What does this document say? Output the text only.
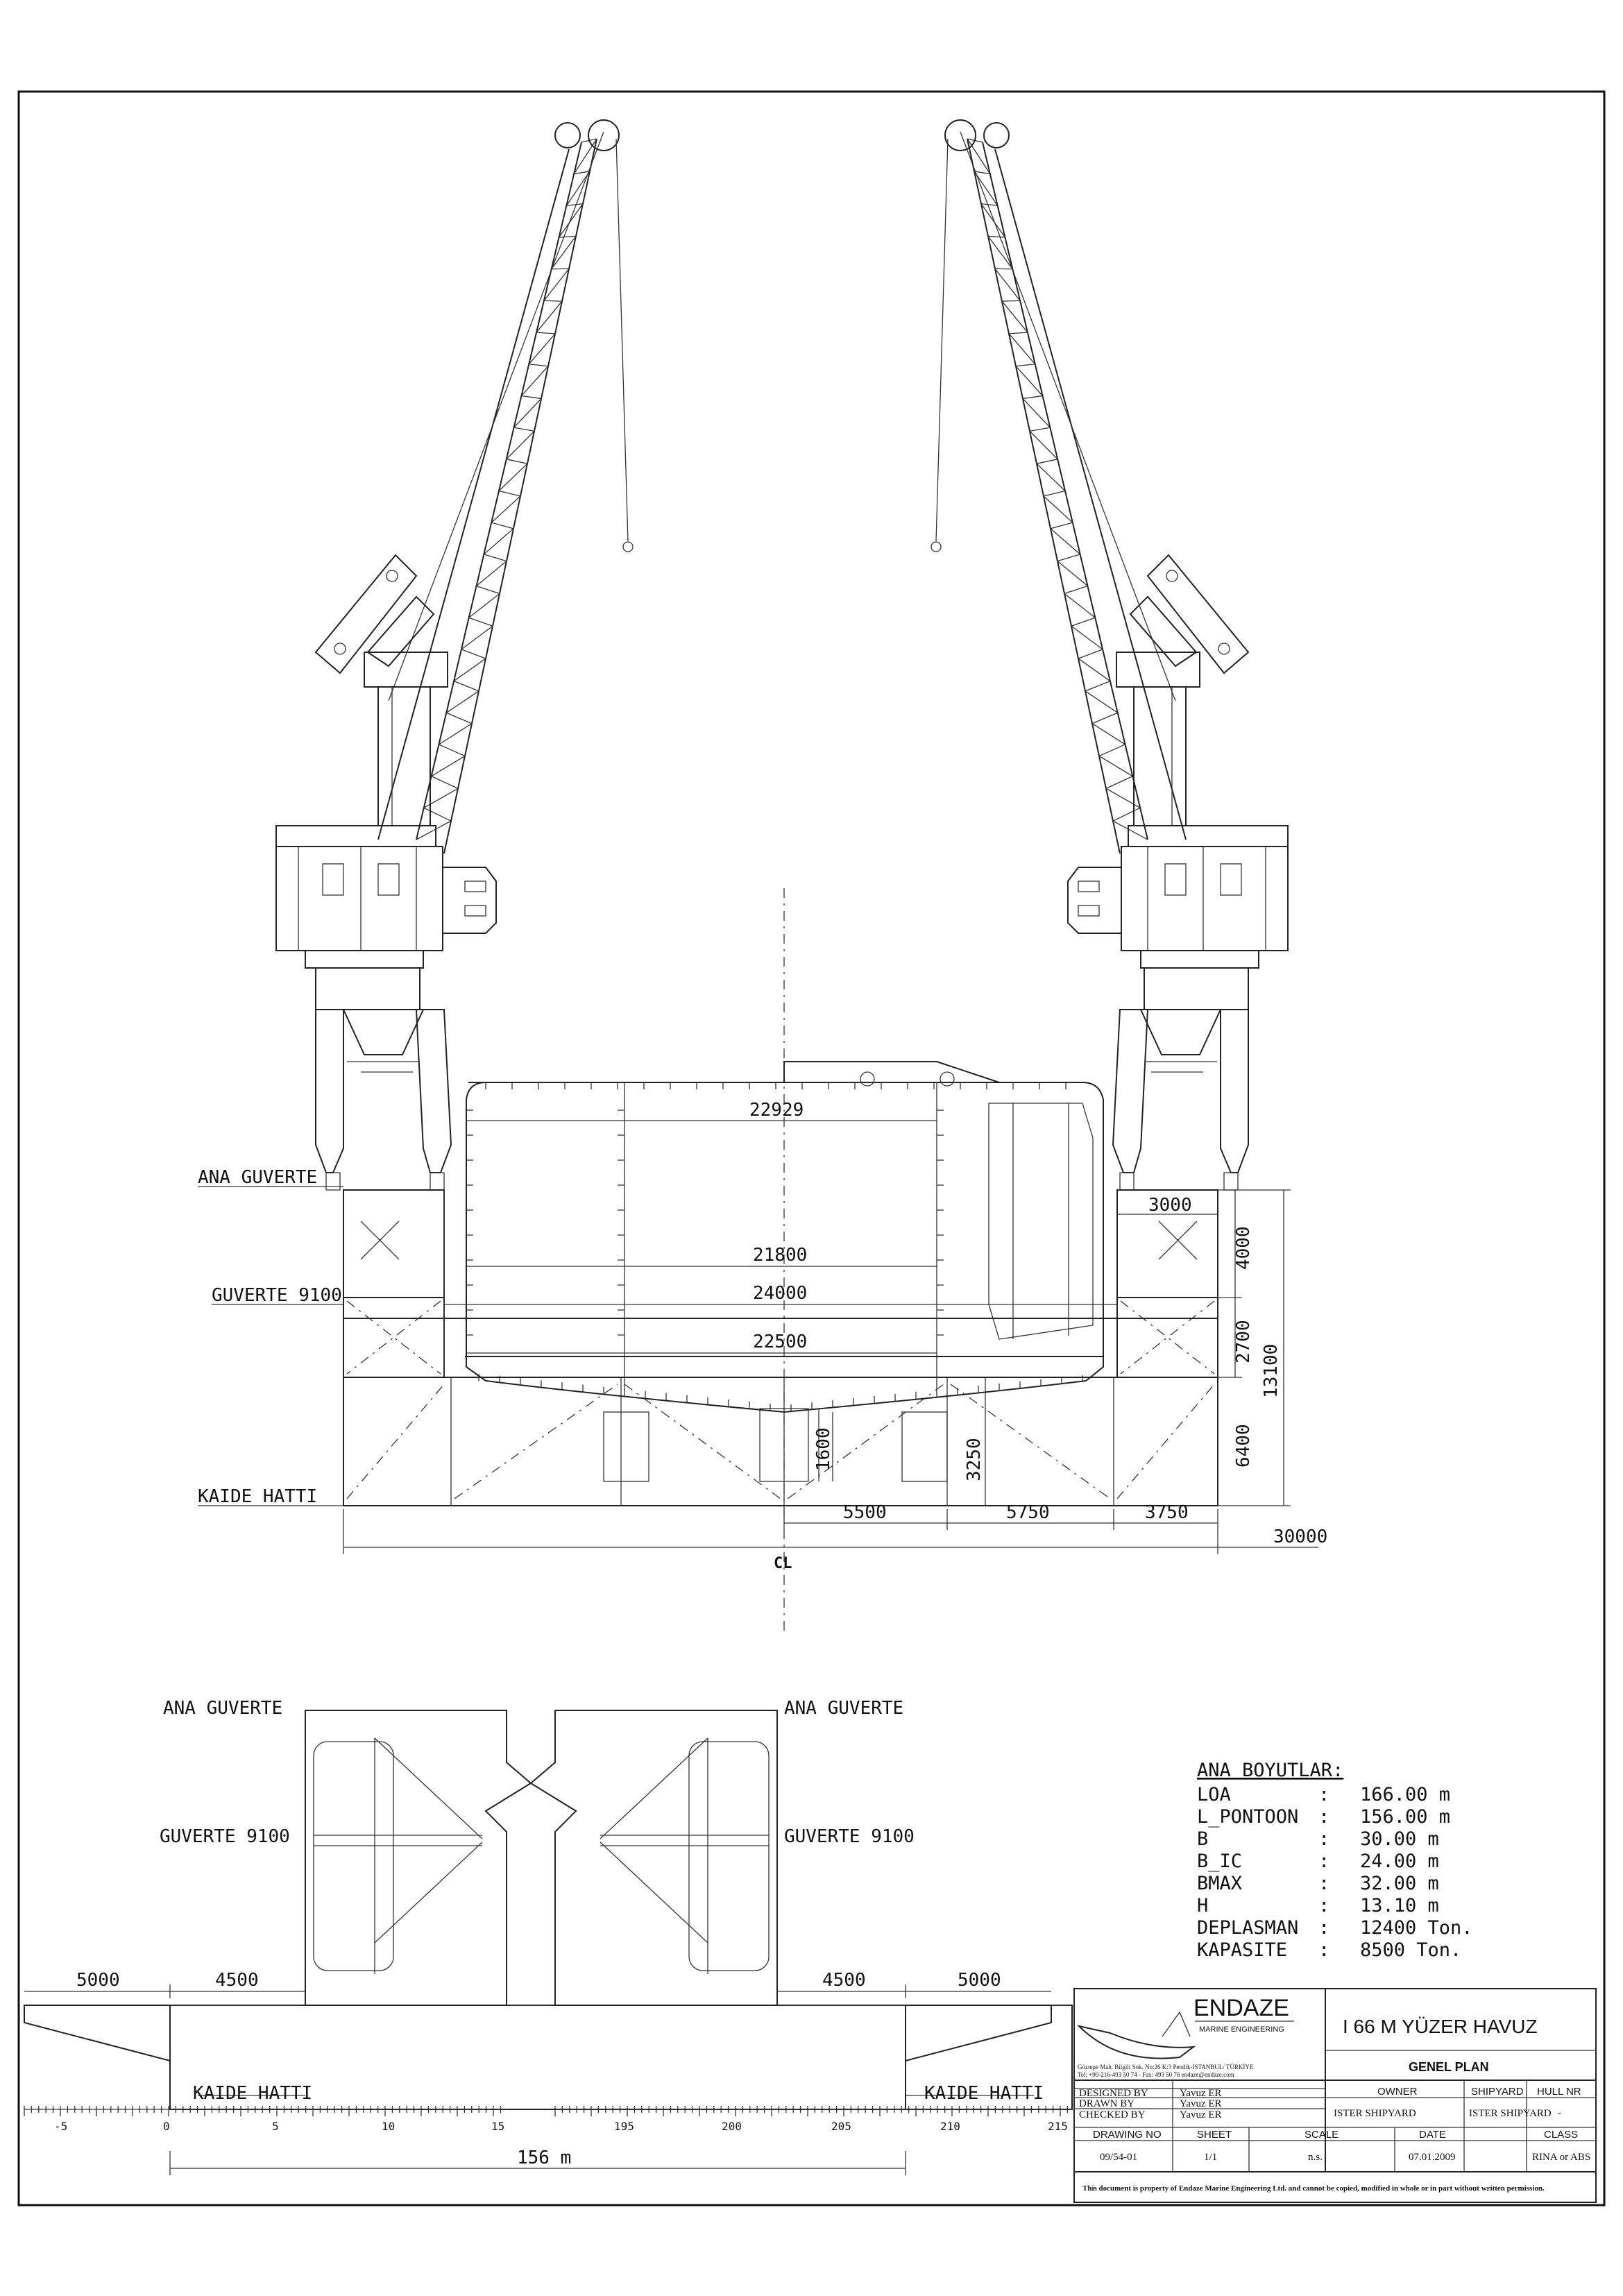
ANA GUVERTE
GUVERTE 9100
KAIDE HATTI
CL
22929
21800
24000
22500
3000
4000
2700
13100
6400
1600	3250
5500	5750	3750
30000
ANA GUVERTE	ANA GUVERTE
GUVERTE 9100	GUVERTE 9100
KAIDE HATTI	KAIDE HATTI
5000	4500	4500	5000
156 m
-5	0	5	10	15	195	200	205	210	215
ANA BOYUTLAR:
LOA	: 166.00 m
L_PONTOON : 156.00 m
B	: 30.00 m
B_IC	: 24.00 m
BMAX	: 32.00 m
H	: 13.10 m
DEPLASMAN : 12400 Ton.
KAPASITE : 8500 Ton.
ENDAZE
MARINE ENGINEERING
Göztepe Mah. Bilgili Sok. No:26 K:3 Pendik-İSTANBUL/ TÜRKİYE
Tel: +90-216-493 50 74 - Fax: 493 50 76 endaze@endaze.com
I 66 M YÜZER HAVUZ
GENEL PLAN
DESIGNED BY	Yavuz ER
DRAWN BY	Yavuz ER
CHECKED BY	Yavuz ER
OWNER
ISTER SHIPYARD
SHIPYARD
ISTER SHIPYARD
HULL NR
-
DRAWING NO
09/54-01
SHEET
1/1
SCALE
n.s.
DATE
07.01.2009
CLASS
RINA or ABS
This document is property of Endaze Marine Engineering Ltd. and cannot be copied, modified in whole or in part without written permission.
